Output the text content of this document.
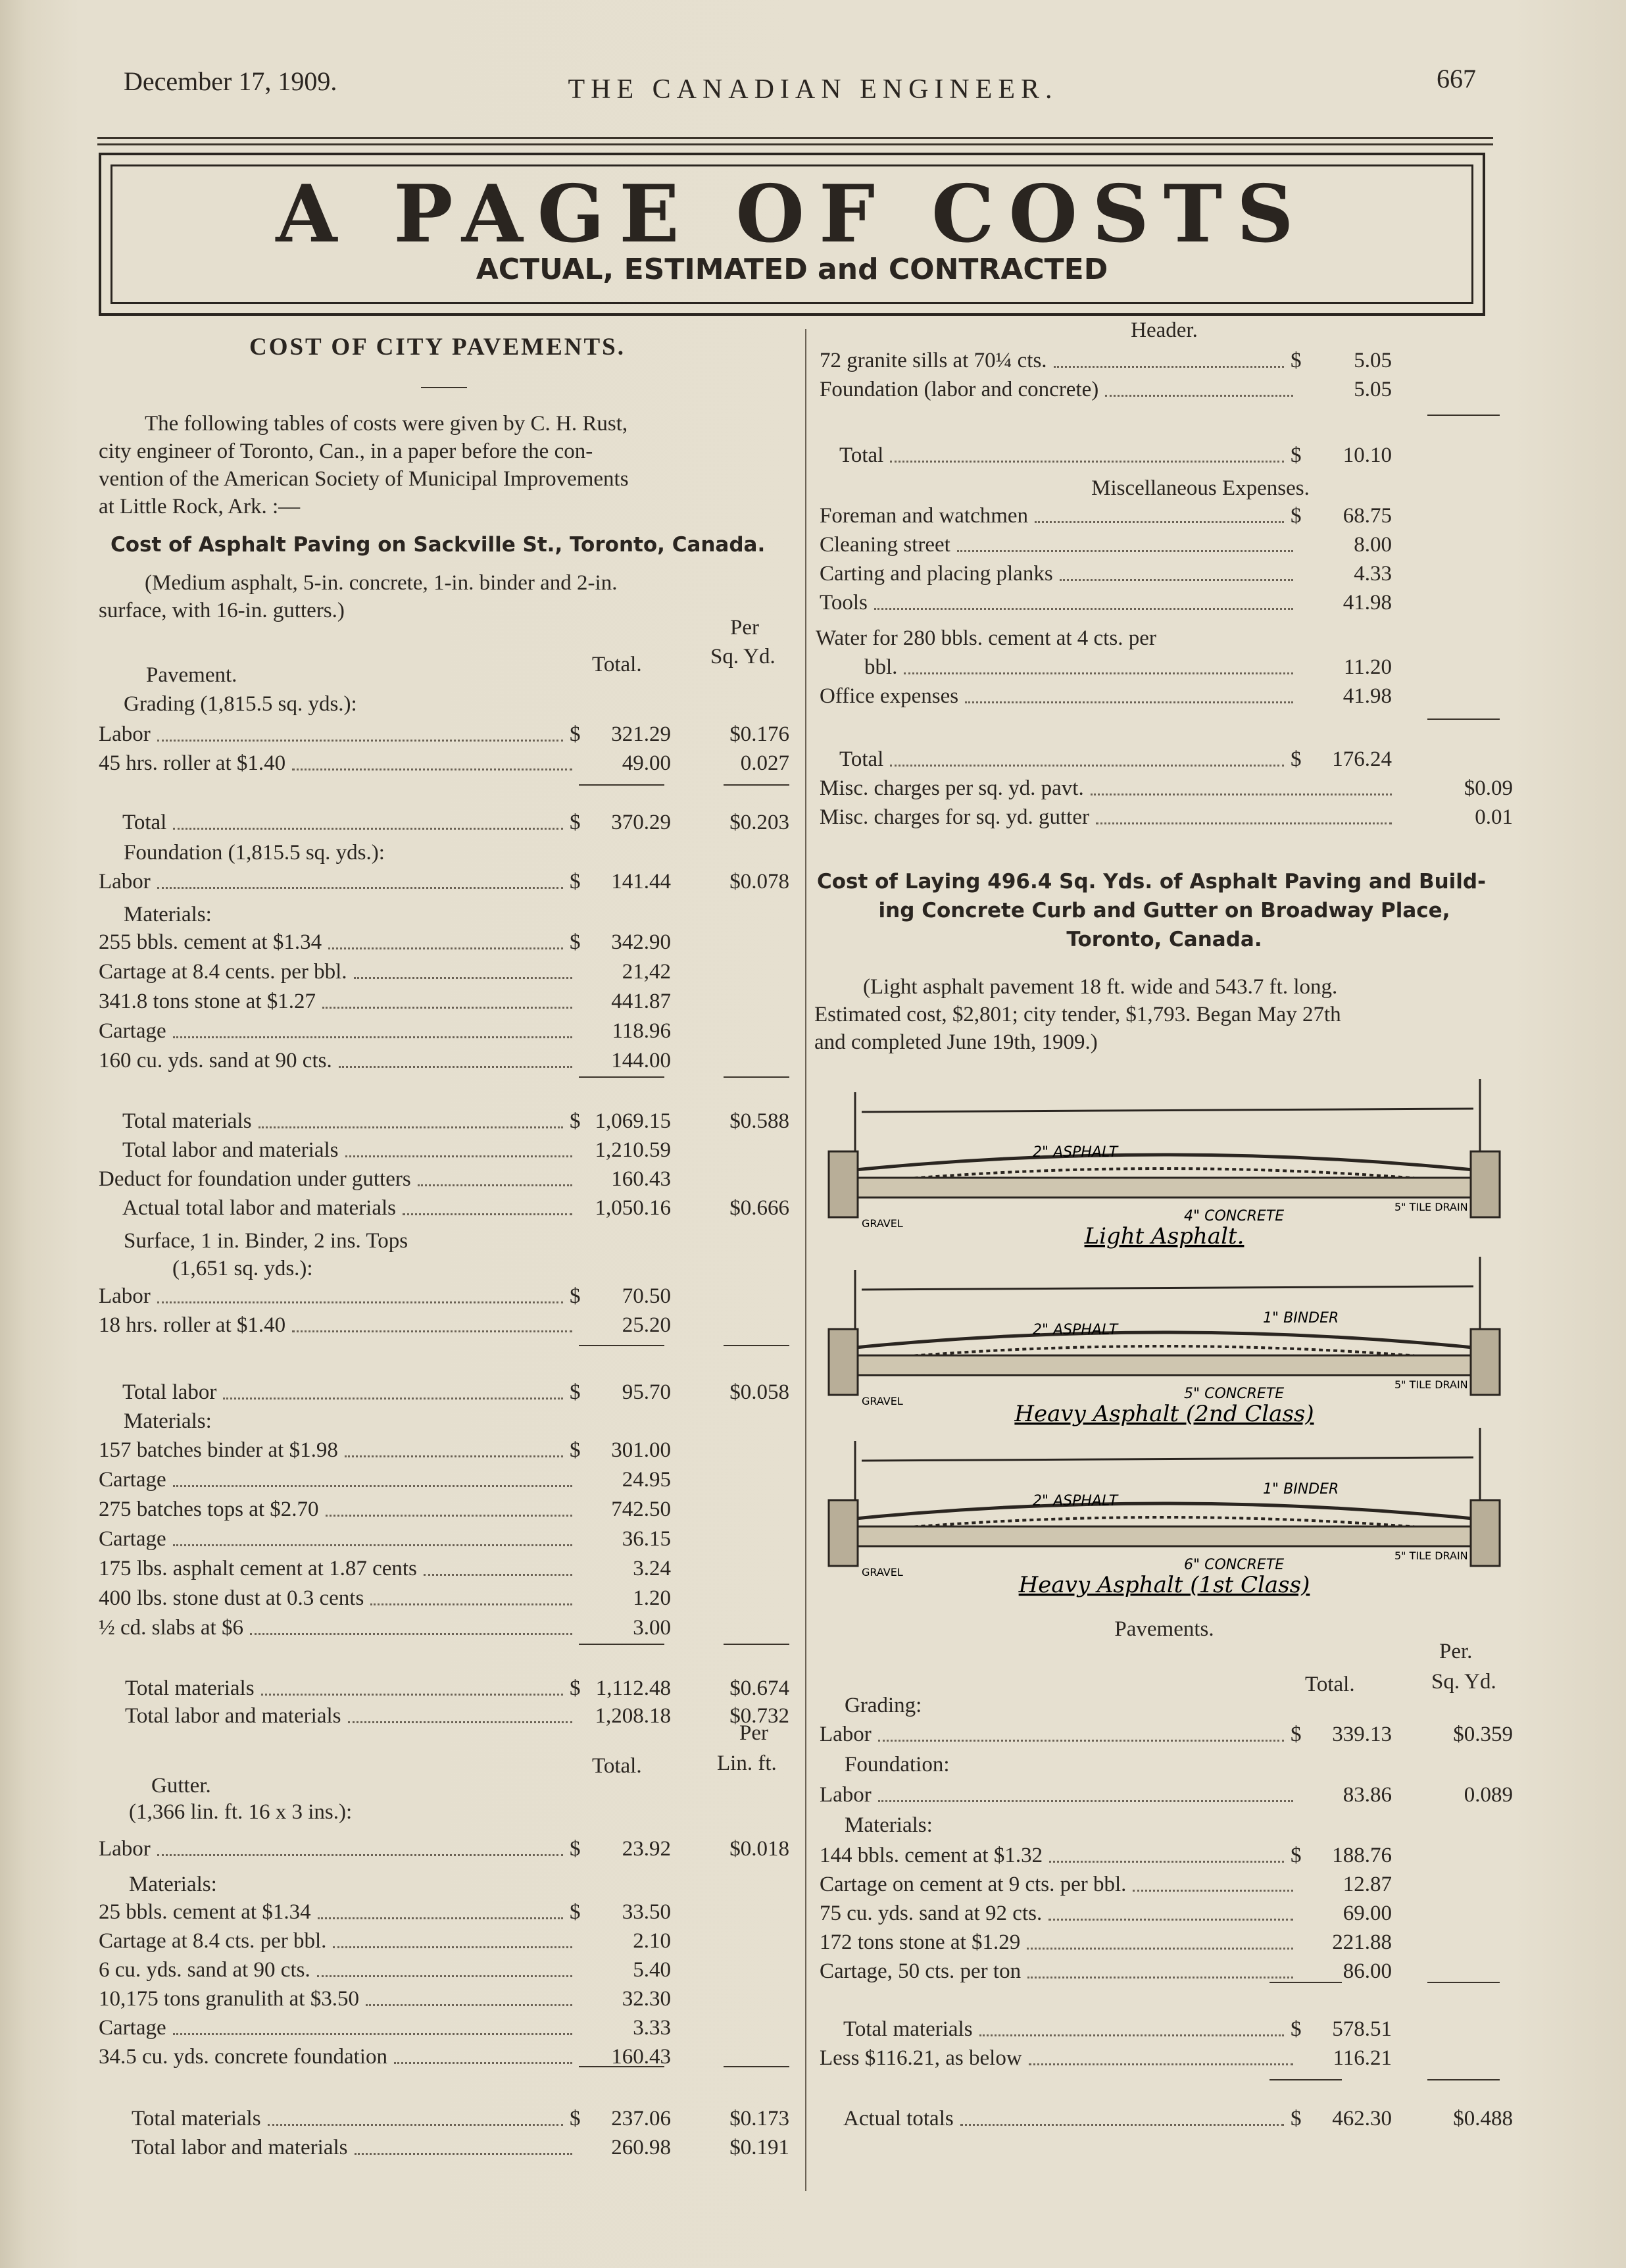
December 17, 1909.	THE CANADIAN ENGINEER.	667
A PAGE OF COSTS
ACTUAL, ESTIMATED and CONTRACTED
COST OF CITY PAVEMENTS.
The following tables of costs were given by C. H. Rust,
city engineer of Toronto, Can., in a paper before the con-
vention of the American Society of Municipal Improvements
at Little Rock, Ark. :—
Cost of Asphalt Paving on Sackville St., Toronto, Canada.
(Medium asphalt, 5-in. concrete, 1-in. binder and 2-in.
surface, with 16-in. gutters.)
Per
Total.	Sq. Yd.
Pavement.
Grading (1,815.5 sq. yds.):
Foundation (1,815.5 sq. yds.):
Materials:
Surface, 1 in. Binder, 2 ins. Tops
(1,651 sq. yds.):
Materials:
Total.
Per
Lin. ft.
Gutter.
(1,366 lin. ft. 16 x 3 ins.):
Materials:
Header.
Miscellaneous Expenses.
Water for 280 bbls. cement at 4 cts. per
Cost of Laying 496.4 Sq. Yds. of Asphalt Paving and Build-
ing Concrete Curb and Gutter on Broadway Place,
Toronto, Canada.
(Light asphalt pavement 18 ft. wide and 543.7 ft. long.
Estimated cost, $2,801; city tender, $1,793. Began May 27th
and completed June 19th, 1909.)
2" ASPHALT
4" CONCRETE
GRAVEL
5" TILE DRAIN
Light Asphalt.
2" ASPHALT
1" BINDER
5" CONCRETE
GRAVEL
5" TILE DRAIN
Heavy Asphalt (2nd Class)
2" ASPHALT
1" BINDER
6" CONCRETE
GRAVEL
5" TILE DRAIN
Heavy Asphalt (1st Class)
Pavements.
Per.
Total.	Sq. Yd.
Grading:
Foundation:
Materials:
Labor	$ 321.29	$0.176
45 hrs. roller at $1.40	49.00	0.027
Total	$ 370.29	$0.203
Labor	$ 141.44	$0.078
255 bbls. cement at $1.34	$ 342.90
Cartage at 8.4 cents. per bbl.	21,42
341.8 tons stone at $1.27	441.87
Cartage	118.96
160 cu. yds. sand at 90 cts.	144.00
Total materials	$ 1,069.15	$0.588
Total labor and materials	1,210.59
Deduct for foundation under gutters	160.43
Actual total labor and materials	1,050.16	$0.666
Labor	$ 70.50
18 hrs. roller at $1.40	25.20
Total labor	$ 95.70	$0.058
157 batches binder at $1.98	$ 301.00
Cartage	24.95
275 batches tops at $2.70	742.50
Cartage	36.15
175 lbs. asphalt cement at 1.87 cents	3.24
400 lbs. stone dust at 0.3 cents	1.20
½ cd. slabs at $6	3.00
Total materials	$ 1,112.48	$0.674
Total labor and materials	1,208.18	$0.732
Labor	$ 23.92	$0.018
25 bbls. cement at $1.34	$ 33.50
Cartage at 8.4 cts. per bbl.	2.10
6 cu. yds. sand at 90 cts.	5.40
10,175 tons granulith at $3.50	32.30
Cartage	3.33
34.5 cu. yds. concrete foundation	160.43
Total materials	$ 237.06	$0.173
Total labor and materials	260.98	$0.191
72 granite sills at 70¼ cts.	$ 5.05
Foundation (labor and concrete)	5.05
Total	$ 10.10
Foreman and watchmen	$ 68.75
Cleaning street	8.00
Carting and placing planks	4.33
Tools	41.98
bbl.	11.20
Office expenses	41.98
Total	$ 176.24
Misc. charges per sq. yd. pavt.	$0.09
Misc. charges for sq. yd. gutter	0.01
Labor	$ 339.13	$0.359
Labor	83.86	0.089
144 bbls. cement at $1.32	$ 188.76
Cartage on cement at 9 cts. per bbl.	12.87
75 cu. yds. sand at 92 cts.	69.00
172 tons stone at $1.29	221.88
Cartage, 50 cts. per ton	86.00
Total materials	$ 578.51
Less $116.21, as below	116.21
Actual totals	$ 462.30	$0.488
